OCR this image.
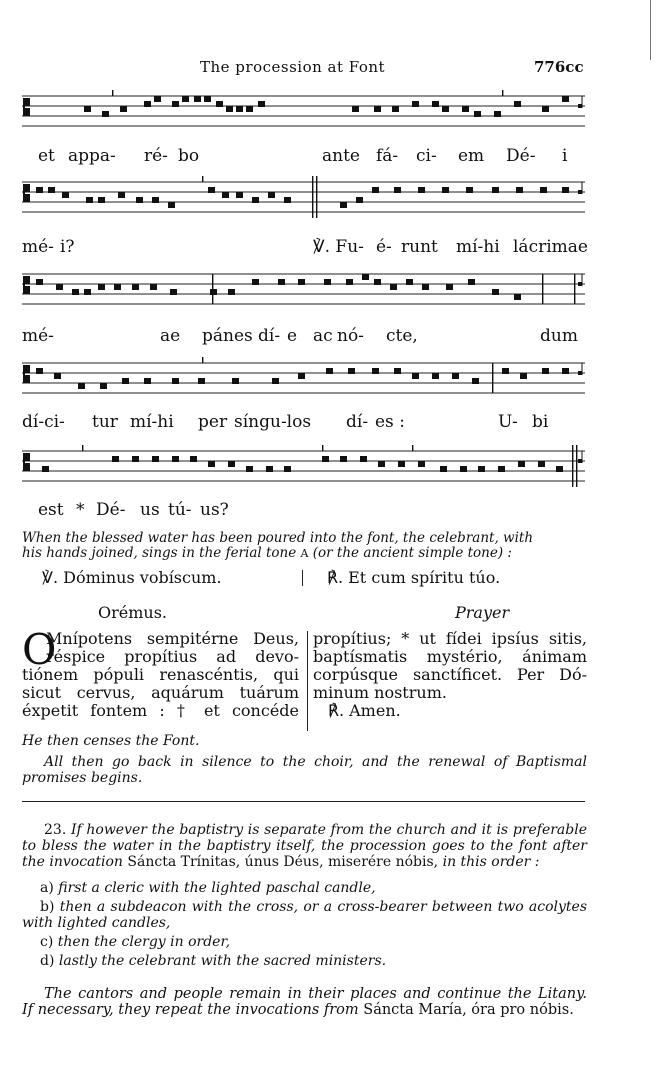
The procession at Font	776cc
et appa- ré- bo	ante fá- ci- em Dé- i
mé- i?	℣. Fu- é- runt mí-hi lácrimae
mé-	ae pánes dí- e ac nó- cte,	dum
dí-ci- tur mí-hi per síngu-los dí- es :	U- bi
est * Dé- us tú- us?
When the blessed water has been poured into the font, the celebrant, with
his hands joined, sings in the ferial tone A (or the ancient simple tone) :
℣. Dóminus vobíscum.	℟. Et cum spíritu túo.
Orémus.	Prayer
O
Mnípotens sempitérne Deus,
réspice propítius ad devo-
tiónem pópuli renascéntis, qui
sicut cervus, aquárum tuárum
éxpetit fontem : † et concéde
propítius; * ut fídei ipsíus sitis,
baptísmatis mystério, ánimam
corpúsque sanctíficet. Per Dó-
minum nostrum.
℟. Amen.
He then censes the Font.
All then go back in silence to the choir, and the renewal of Baptismal
promises begins.
23. If however the baptistry is separate from the church and it is preferable
to bless the water in the baptistry itself, the procession goes to the font after
the invocation Sáncta Trínitas, únus Déus, miserére nóbis, in this order :
a) first a cleric with the lighted paschal candle,
b) then a subdeacon with the cross, or a cross-bearer between two acolytes
with lighted candles,
c) then the clergy in order,
d) lastly the celebrant with the sacred ministers.
The cantors and people remain in their places and continue the Litany.
If necessary, they repeat the invocations from Sáncta María, óra pro nóbis.
